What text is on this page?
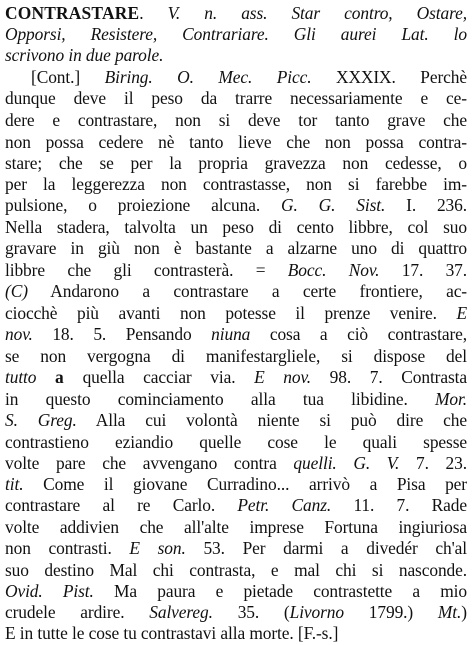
CONTRASTARE. V. n. ass. Star contro, Ostare,
Opporsi, Resistere, Contrariare. Gli aurei Lat. lo
scrivono in due parole.
[Cont.] Biring. O. Mec. Picc. XXXIX. Perchè
dunque deve il peso da trarre necessariamente e ce-
dere e contrastare, non si deve tor tanto grave che
non possa cedere nè tanto lieve che non possa contra-
stare; che se per la propria gravezza non cedesse, o
per la leggerezza non contrastasse, non si farebbe im-
pulsione, o proiezione alcuna. G. G. Sist. I. 236.
Nella stadera, talvolta un peso di cento libbre, col suo
gravare in giù non è bastante a alzarne uno di quattro
libbre che gli contrasterà. = Bocc. Nov. 17. 37.
(C) Andarono a contrastare a certe frontiere, ac-
ciocchè più avanti non potesse il prenze venire. E
nov. 18. 5. Pensando niuna cosa a ciò contrastare,
se non vergogna di manifestargliele, si dispose del
tutto a quella cacciar via. E nov. 98. 7. Contrasta
in questo cominciamento alla tua libidine. Mor.
S. Greg. Alla cui volontà niente si può dire che
contrastieno eziandio quelle cose le quali spesse
volte pare che avvengano contra quelli. G. V. 7. 23.
tit. Come il giovane Curradino... arrivò a Pisa per
contrastare al re Carlo. Petr. Canz. 11. 7. Rade
volte addivien che all'alte imprese Fortuna ingiuriosa
non contrasti. E son. 53. Per darmi a divedér ch'al
suo destino Mal chi contrasta, e mal chi si nasconde.
Ovid. Pist. Ma paura e pietade contrastette a mio
crudele ardire. Salvereg. 35. (Livorno 1799.) Mt.)
E in tutte le cose tu contrastavi alla morte. [F.-s.]
